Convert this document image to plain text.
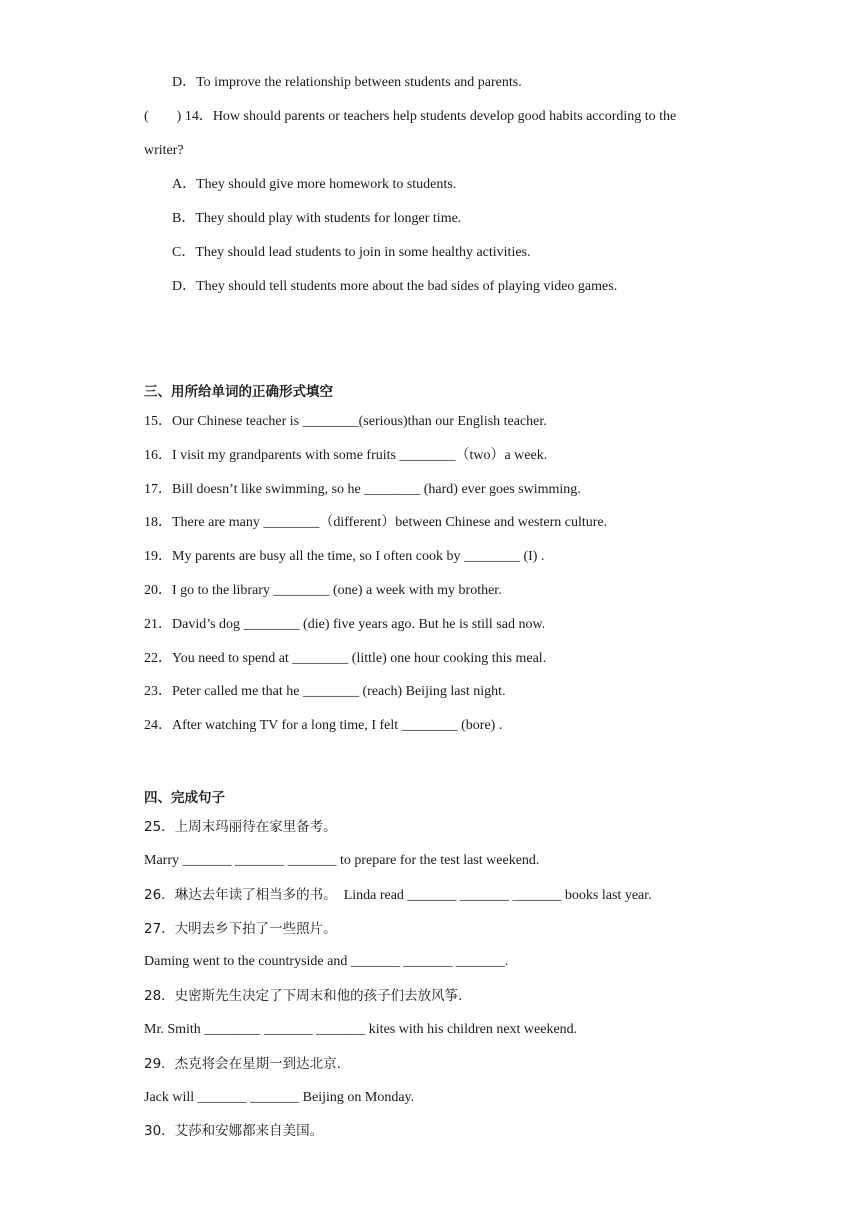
D．To improve the relationship between students and parents.
(　　) 14．How should parents or teachers help students develop good habits according to the
writer?
A．They should give more homework to students.
B．They should play with students for longer time.
C．They should lead students to join in some healthy activities.
D．They should tell students more about the bad sides of playing video games.
三、用所给单词的正确形式填空
15．Our Chinese teacher is ________(serious)than our English teacher.
16．I visit my grandparents with some fruits ________（two）a week.
17．Bill doesn’t like swimming, so he ________ (hard) ever goes swimming.
18．There are many ________（different）between Chinese and western culture.
19．My parents are busy all the time, so I often cook by ________ (I) .
20．I go to the library ________ (one) a week with my brother.
21．David’s dog ________ (die) five years ago. But he is still sad now.
22．You need to spend at ________ (little) one hour cooking this meal.
23．Peter called me that he ________ (reach) Beijing last night.
24．After watching TV for a long time, I felt ________ (bore) .
四、完成句子
25．上周末玛丽待在家里备考。
Marry _______ _______ _______ to prepare for the test last weekend.
26．琳达去年读了相当多的书。 Linda read _______ _______ _______ books last year.
27．大明去乡下拍了一些照片。
Daming went to the countryside and _______ _______ _______.
28．史密斯先生决定了下周末和他的孩子们去放风筝.
Mr. Smith ________ _______ _______ kites with his children next weekend.
29．杰克将会在星期一到达北京.
Jack will _______ _______ Beijing on Monday.
30．艾莎和安娜都来自美国。
